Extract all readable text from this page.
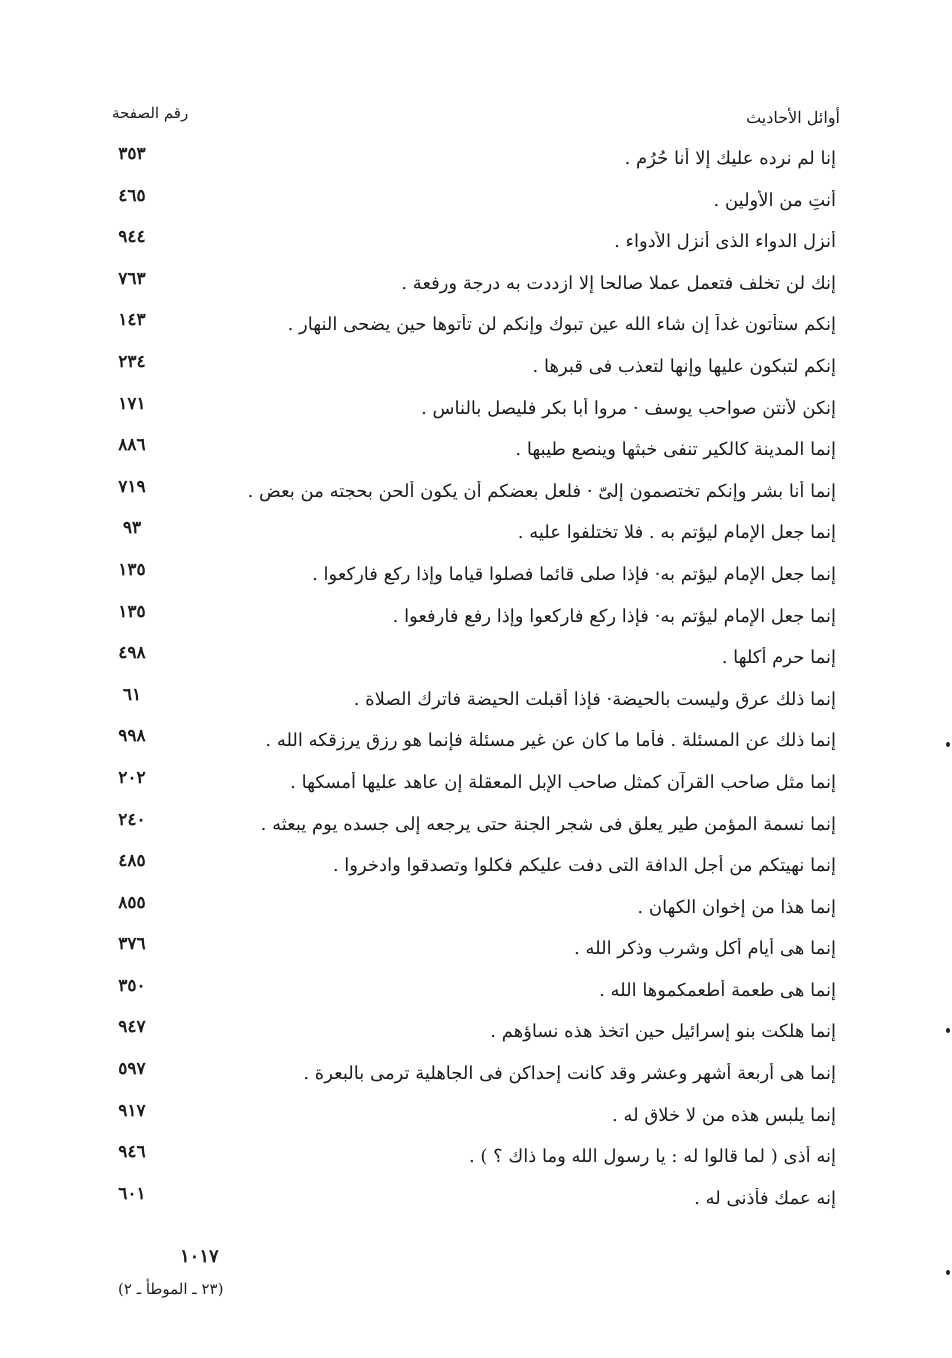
أوائل الأحاديث
رقم الصفحة
إنا لم نرده عليك إلا أنا حُرُم .
٣٥٣
أنتِ من الأولين .
٤٦٥
أنزل الدواء الذى أنزل الأدواء .
٩٤٤
إنك لن تخلف فتعمل عملا صالحا إلا ازددت به درجة ورفعة .
٧٦٣
إنكم ستأتون غداً إن شاء الله عين تبوك وإنكم لن تأتوها حين يضحى النهار .
١٤٣
إنكم لتبكون عليها وإنها لتعذب فى قبرها .
٢٣٤
إنكن لأنتن صواحب يوسف · مروا أبا بكر فليصل بالناس .
١٧١
إنما المدينة كالكير تنفى خبثها وينصع طيبها .
٨٨٦
إنما أنا بشر وإنكم تختصمون إلىّ · فلعل بعضكم أن يكون ألحن بحجته من بعض .
٧١٩
إنما جعل الإمام ليؤتم به . فلا تختلفوا عليه .
٩٣
إنما جعل الإمام ليؤتم به· فإذا صلى قائما فصلوا قياما وإذا ركع فاركعوا .
١٣٥
إنما جعل الإمام ليؤتم به· فإذا ركع فاركعوا وإذا رفع فارفعوا .
١٣٥
إنما حرم أكلها .
٤٩٨
إنما ذلك عرق وليست بالحيضة· فإذا أقبلت الحيضة فاترك الصلاة .
٦١
إنما ذلك عن المسئلة . فأما ما كان عن غير مسئلة فإنما هو رزق يرزقكه الله .
٩٩٨
إنما مثل صاحب القرآن كمثل صاحب الإبل المعقلة إن عاهد عليها أمسكها .
٢٠٢
إنما نسمة المؤمن طير يعلق فى شجر الجنة حتى يرجعه إلى جسده يوم يبعثه .
٢٤٠
إنما نهيتكم من أجل الدافة التى دفت عليكم فكلوا وتصدقوا وادخروا .
٤٨٥
إنما هذا من إخوان الكهان .
٨٥٥
إنما هى أيام أكل وشرب وذكر الله .
٣٧٦
إنما هى طعمة أطعمكموها الله .
٣٥٠
إنما هلكت بنو إسرائيل حين اتخذ هذه نساؤهم .
٩٤٧
إنما هى أربعة أشهر وعشر وقد كانت إحداكن فى الجاهلية ترمى بالبعرة .
٥٩٧
إنما يلبس هذه من لا خلاق له .
٩١٧
إنه أذى ( لما قالوا له : يا رسول الله وما ذاك ؟ ) .
٩٤٦
إنه عمك فأذنى له .
٦٠١
١٠١٧
(٢٣ ـ الموطأ ـ ٢)
